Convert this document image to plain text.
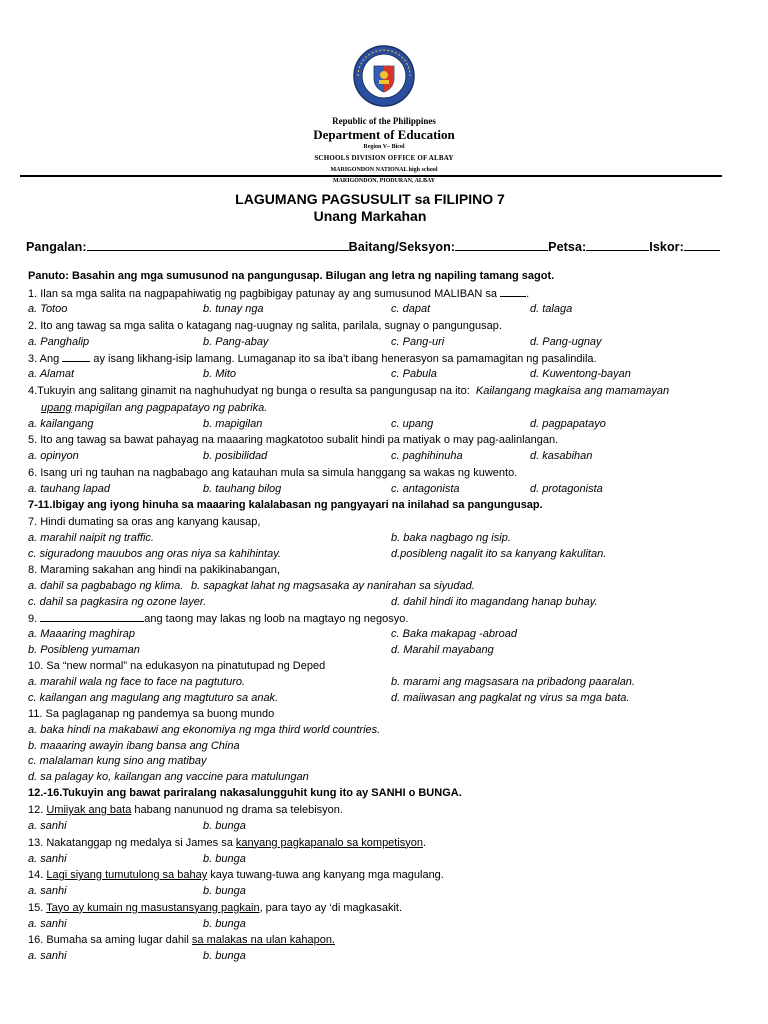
Republic of the Philippines
Department of Education
Region V– Bicol
SCHOOLS DIVISION OFFICE OF ALBAY
MARIGONDON NATIONAL high school
MARIGONDON, PIODURAN, ALBAY
LAGUMANG PAGSUSULIT sa FILIPINO 7
Unang Markahan
Pangalan:	Baitang/Seksyon:	Petsa:	Iskor:
Panuto: Basahin ang mga sumusunod na pangungusap. Bilugan ang letra ng napiling tamang sagot.
1. Ilan sa mga salita na nagpapahiwatig ng pagbibigay patunay ay ang sumusunod MALIBAN sa	.
a. Totoo	b. tunay nga	c. dapat	d. talaga
2. Ito ang tawag sa mga salita o katagang nag-uugnay ng salita, parilala, sugnay o pangungusap.
a. Panghalip	b. Pang-abay	c. Pang-uri	d. Pang-ugnay
3. Ang	ay isang likhang-isip lamang. Lumaganap ito sa iba’t ibang henerasyon sa pamamagitan ng pasalindila.
a. Alamat	b. Mito	c. Pabula	d. Kuwentong-bayan
4.Tukuyin ang salitang ginamit na naghuhudyat ng bunga o resulta sa pangungusap na ito: Kailangang magkaisa ang mamamayan
upang mapigilan ang pagpapatayo ng pabrika.
a. kailangang	b. mapigilan	c. upang	d. pagpapatayo
5. Ito ang tawag sa bawat pahayag na maaaring magkatotoo subalit hindi pa matiyak o may pag-aalinlangan.
a. opinyon	b. posibilidad	c. paghihinuha	d. kasabihan
6. Isang uri ng tauhan na nagbabago ang katauhan mula sa simula hanggang sa wakas ng kuwento.
a. tauhang lapad	b. tauhang bilog	c. antagonista	d. protagonista
7-11.Ibigay ang iyong hinuha sa maaaring kalalabasan ng pangyayari na inilahad sa pangungusap.
7. Hindi dumating sa oras ang kanyang kausap,
a. marahil naipit ng traffic.	b. baka nagbago ng isip.
c. siguradong mauubos ang oras niya sa kahihintay.	d.posibleng nagalit ito sa kanyang kakulitan.
8. Maraming sakahan ang hindi na pakikinabangan,
a. dahil sa pagbabago ng klima. b. sapagkat lahat ng magsasaka ay nanirahan sa siyudad.
c. dahil sa pagkasira ng ozone layer.	d. dahil hindi ito magandang hanap buhay.
9.	ang taong may lakas ng loob na magtayo ng negosyo.
a. Maaaring maghirap	c. Baka makapag -abroad
b. Posibleng yumaman	d. Marahil mayabang
10. Sa “new normal” na edukasyon na pinatutupad ng Deped
a. marahil wala ng face to face na pagtuturo.	b. marami ang magsasara na pribadong paaralan.
c. kailangan ang magulang ang magtuturo sa anak.	d. maiiwasan ang pagkalat ng virus sa mga bata.
11. Sa paglaganap ng pandemya sa buong mundo
a. baka hindi na makabawi ang ekonomiya ng mga third world countries.
b. maaaring awayin ibang bansa ang China
c. malalaman kung sino ang matibay
d. sa palagay ko, kailangan ang vaccine para matulungan
12.-16.Tukuyin ang bawat pariralang nakasalungguhit kung ito ay SANHI o BUNGA.
12. Umiiyak ang bata habang nanunuod ng drama sa telebisyon.
a. sanhi	b. bunga
13. Nakatanggap ng medalya si James sa kanyang pagkapanalo sa kompetisyon.
a. sanhi	b. bunga
14. Lagi siyang tumutulong sa bahay kaya tuwang-tuwa ang kanyang mga magulang.
a. sanhi	b. bunga
15. Tayo ay kumain ng masustansyang pagkain, para tayo ay ‘di magkasakit.
a. sanhi	b. bunga
16. Bumaha sa aming lugar dahil sa malakas na ulan kahapon.
a. sanhi	b. bunga
